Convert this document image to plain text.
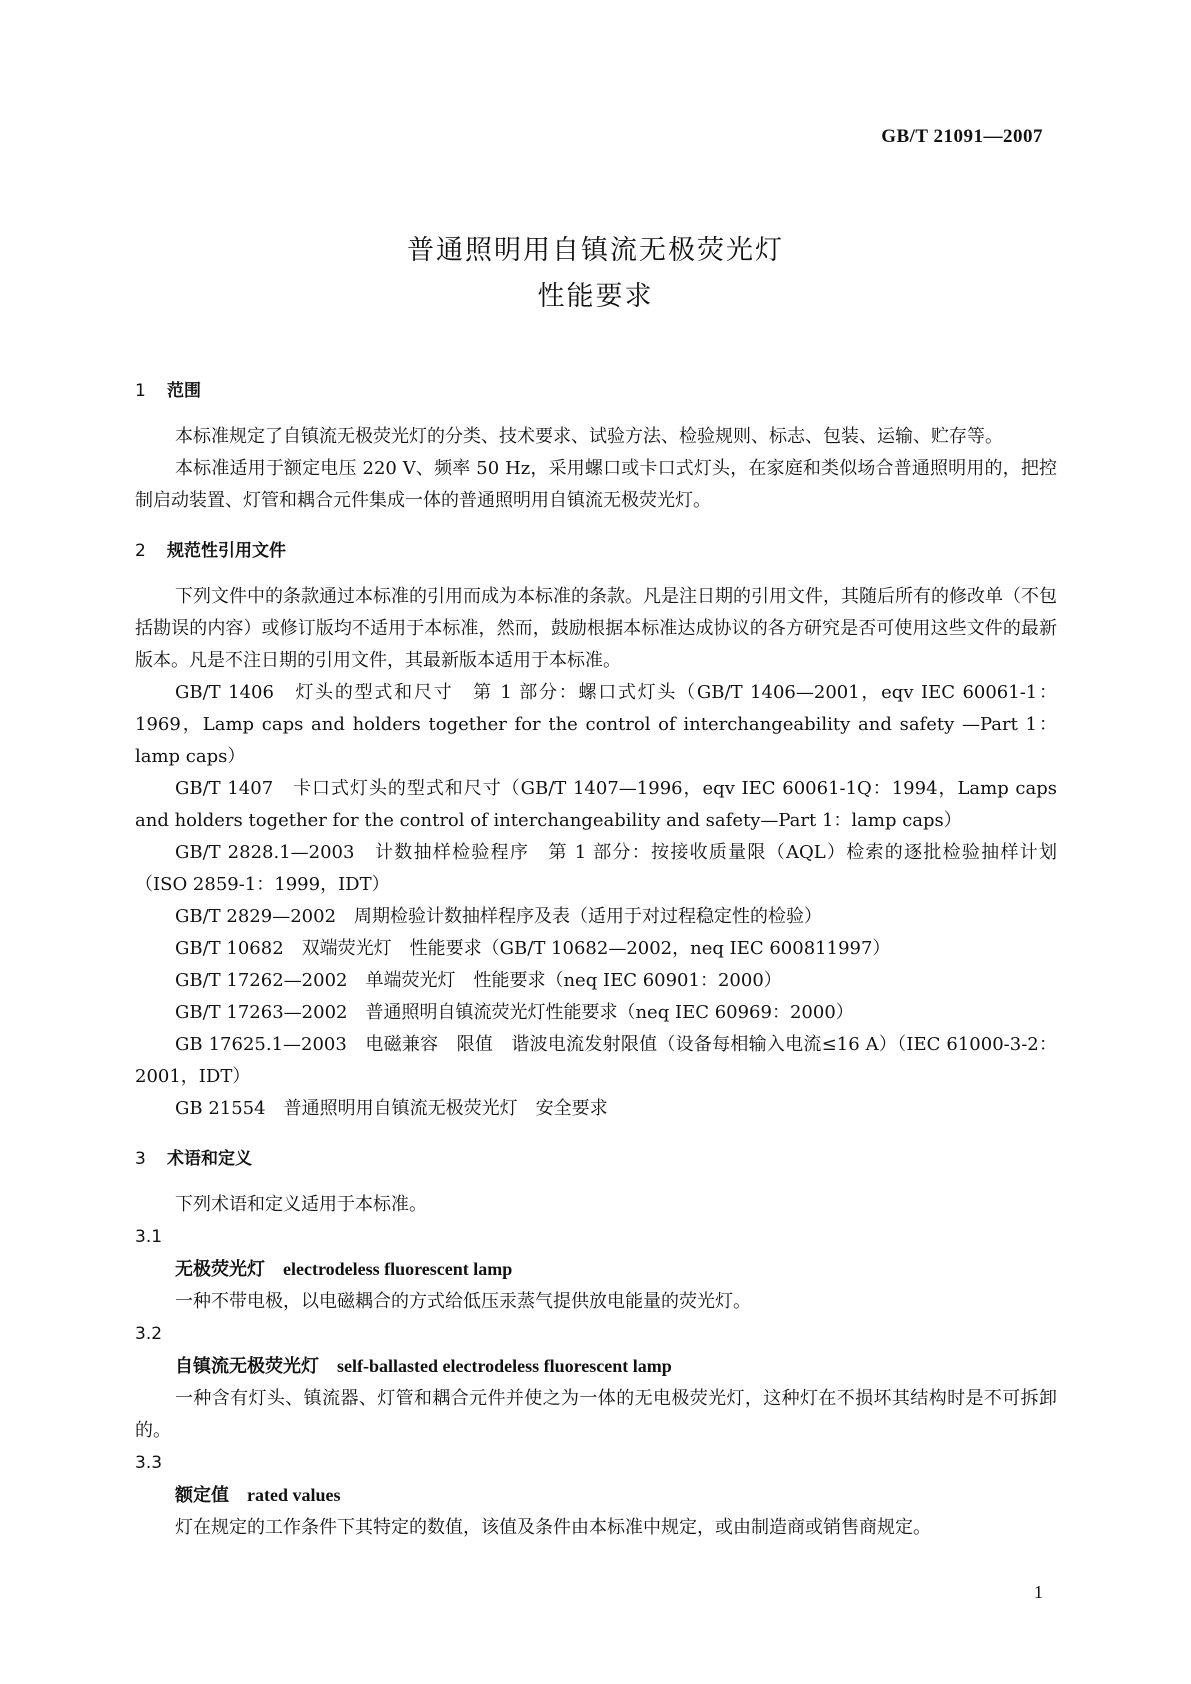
GB/T 21091—2007
普通照明用自镇流无极荧光灯
性能要求
1 范围

本标准规定了自镇流无极荧光灯的分类、技术要求、试验方法、检验规则、标志、包装、运输、贮存等。

本标准适用于额定电压 220 V、频率 50 Hz，采用螺口或卡口式灯头，在家庭和类似场合普通照明用的，把控制启动装置、灯管和耦合元件集成一体的普通照明用自镇流无极荧光灯。

2 规范性引用文件

下列文件中的条款通过本标准的引用而成为本标准的条款。凡是注日期的引用文件，其随后所有的修改单（不包括勘误的内容）或修订版均不适用于本标准，然而，鼓励根据本标准达成协议的各方研究是否可使用这些文件的最新版本。凡是不注日期的引用文件，其最新版本适用于本标准。

GB/T 1406　灯头的型式和尺寸　第 1 部分：螺口式灯头（GB/T 1406—2001，eqv IEC 60061-1：1969，Lamp caps and holders together for the control of interchangeability and safety —Part 1：lamp caps）

GB/T 1407　卡口式灯头的型式和尺寸（GB/T 1407—1996，eqv IEC 60061-1Q：1994，Lamp caps and holders together for the control of interchangeability and safety—Part 1：lamp caps）

GB/T 2828.1—2003　计数抽样检验程序　第 1 部分：按接收质量限（AQL）检索的逐批检验抽样计划（ISO 2859-1：1999，IDT）

GB/T 2829—2002　周期检验计数抽样程序及表（适用于对过程稳定性的检验）

GB/T 10682　双端荧光灯　性能要求（GB/T 10682—2002，neq IEC 600811997）

GB/T 17262—2002　单端荧光灯　性能要求（neq IEC 60901：2000）

GB/T 17263—2002　普通照明自镇流荧光灯性能要求（neq IEC 60969：2000）

GB 17625.1—2003　电磁兼容　限值　谐波电流发射限值（设备每相输入电流≤16 A）（IEC 61000-3-2：2001，IDT）

GB 21554　普通照明用自镇流无极荧光灯　安全要求

3 术语和定义

下列术语和定义适用于本标准。

3.1

无极荧光灯 electrodeless fluorescent lamp

一种不带电极，以电磁耦合的方式给低压汞蒸气提供放电能量的荧光灯。

3.2

自镇流无极荧光灯 self-ballasted electrodeless fluorescent lamp

一种含有灯头、镇流器、灯管和耦合元件并使之为一体的无电极荧光灯，这种灯在不损坏其结构时是不可拆卸的。

3.3

额定值 rated values

灯在规定的工作条件下其特定的数值，该值及条件由本标准中规定，或由制造商或销售商规定。

1
